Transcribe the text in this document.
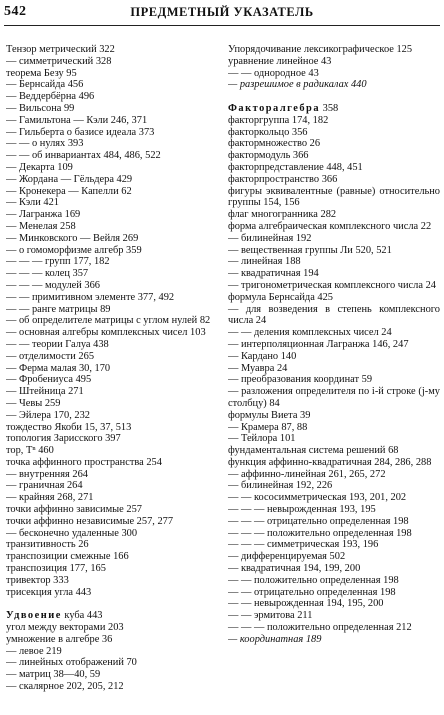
542	ПРЕДМЕТНЫЙ УКАЗАТЕЛЬ
Тензор метрический 322
— симметрический 328
теорема Безу 95
— Бернсайда 456
— Веддербёрна 496
— Вильсона 99
— Гамильтона — Кэли 246, 371
— Гильберта о базисе идеала 373
— — о нулях 393
— — об инвариантах 484, 486, 522
— Декарта 109
— Жордана — Гёльдера 429
— Кронекера — Капелли 62
— Кэли 421
— Лагранжа 169
— Менелая 258
— Минковского — Вейля 269
— о гомоморфизме алгебр 359
— — — групп 177, 182
— — — колец 357
— — — модулей 366
— — примитивном элементе 377, 492
— — ранге матрицы 89
— об определителе матрицы с углом нулей 82
— основная алгебры комплексных чисел 103
— — теории Галуа 438
— отделимости 265
— Ферма малая 30, 170
— Фробениуса 495
— Штейница 271
— Чевы 259
— Эйлера 170, 232
тождество Якоби 15, 37, 513
топология Зарисского 397
тор, Tⁿ 460
точка аффинного пространства 254
— внутренняя 264
— граничная 264
— крайняя 268, 271
точки аффинно зависимые 257
точки аффинно независимые 257, 277
— бесконечно удаленные 300
транзитивность 26
транспозиции смежные 166
транспозиция 177, 165
тривектор 333
трисекция угла 443
Удвоение куба 443
угол между векторами 203
умножение в алгебре 36
— левое 219
— линейных отображений 70
— матриц 38—40, 59
— скалярное 202, 205, 212
Упорядочивание лексикографическое 125
уравнение линейное 43
— — однородное 43
— разрешимое в радикалах 440
Факторалгебра 358
факторгруппа 174, 182
факторкольцо 356
фактормножество 26
фактормодуль 366
факторпредставление 448, 451
факторпространство 366
фигуры эквивалентные (равные) относительно группы 154, 156
флаг многогранника 282
форма алгебраическая комплексного числа 22
— билинейная 192
— вещественная группы Ли 520, 521
— линейная 188
— квадратичная 194
— тригонометрическая комплексного числа 24
формула Бернсайда 425
— для возведения в степень комплексного числа 24
— — деления комплексных чисел 24
— интерполяционная Лагранжа 146, 247
— Кардано 140
— Муавра 24
— преобразования координат 59
— разложения определителя по i-й строке (j-му столбцу) 84
формулы Виета 39
— Крамера 87, 88
— Тейлора 101
фундаментальная система решений 68
функция аффинно-квадратичная 284, 286, 288
— аффинно-линейная 261, 265, 272
— билинейная 192, 226
— — кососимметрическая 193, 201, 202
— — — невырожденная 193, 195
— — — отрицательно определенная 198
— — — положительно определенная 198
— — — симметрическая 193, 196
— дифференцируемая 502
— квадратичная 194, 199, 200
— — положительно определенная 198
— — отрицательно определенная 198
— — невырожденная 194, 195, 200
— — эрмитова 211
— — — положительно определенная 212
— координатная 189
